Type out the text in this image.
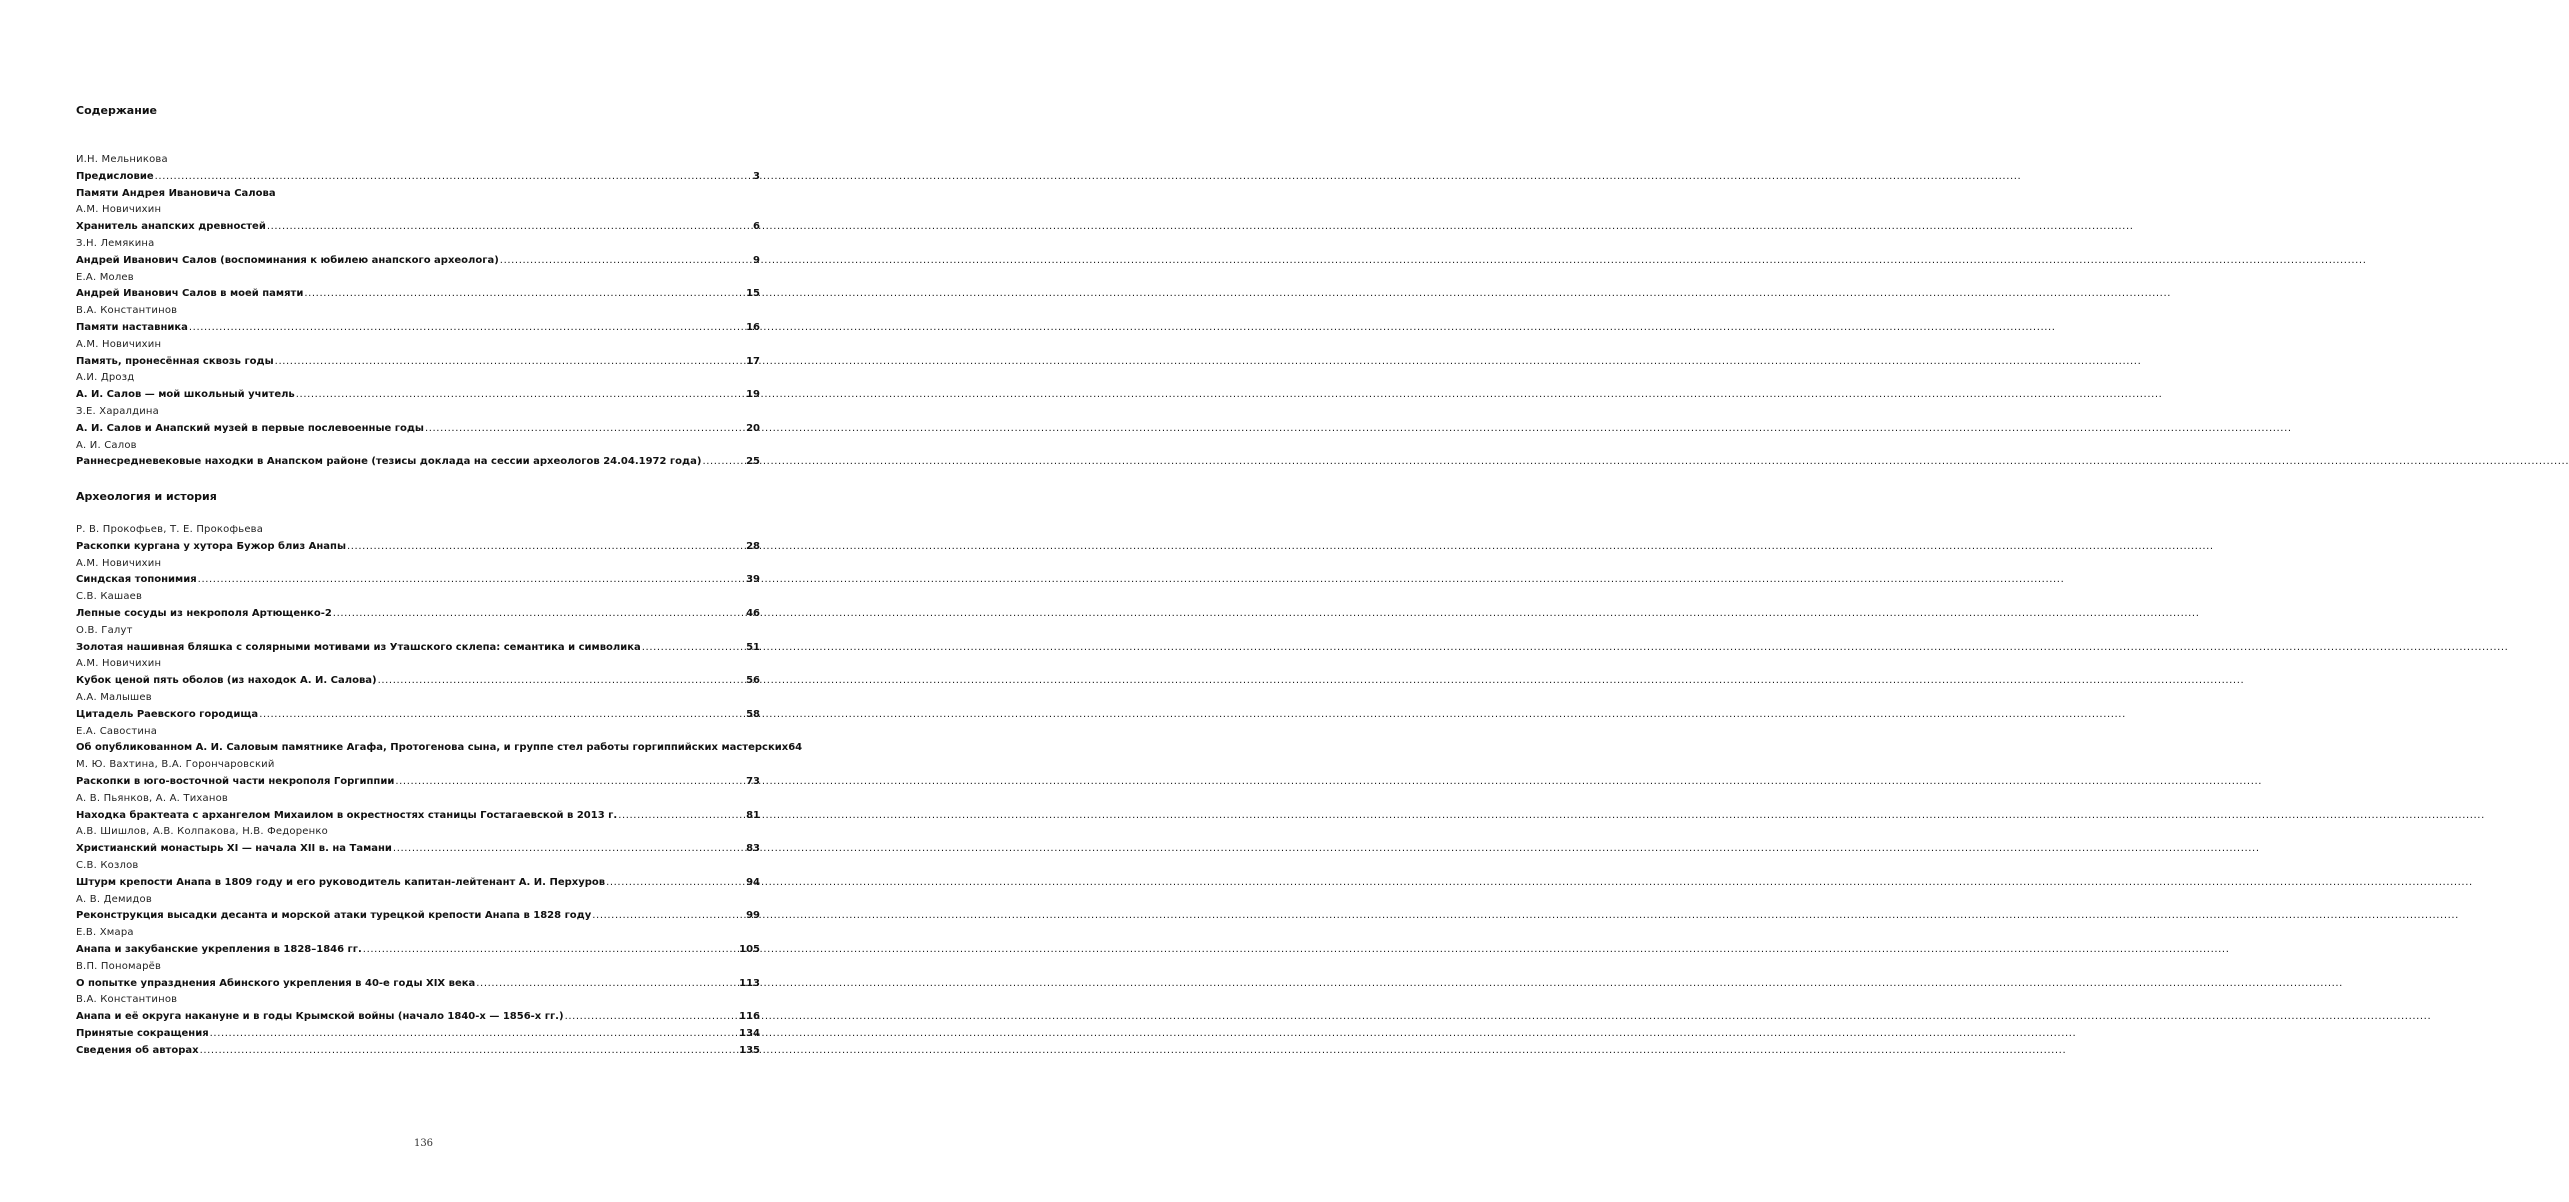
Содержание
И.Н. Мельникова
Предисловие .....	3
Памяти Андрея Ивановича Салова
А.М. Новичихин
Хранитель анапских древностей .....	6
З.Н. Лемякина
Андрей Иванович Салов (воспоминания к юбилею анапского археолога) .....	9
Е.А. Молев
Андрей Иванович Салов в моей памяти .....	15
В.А. Константинов
Памяти наставника .....	16
А.М. Новичихин
Память, пронесённая сквозь годы .....	17
А.И. Дрозд
А. И. Салов — мой школьный учитель .....	19
З.Е. Харалдина
А. И. Салов и Анапский музей в первые послевоенные годы .....	20
А. И. Салов
Раннесредневековые находки в Анапском районе (тезисы доклада на сессии археологов 24.04.1972 года) .....	25
Археология и история
Р. В. Прокофьев, Т. Е. Прокофьева
Раскопки кургана у хутора Бужор близ Анапы .....	28
А.М. Новичихин
Синдская топонимия .....	39
С.В. Кашаев
Лепные сосуды из некрополя Артющенко-2 .....	46
О.В. Галут
Золотая нашивная бляшка с солярными мотивами из Уташского склепа: семантика и символика .....	51
А.М. Новичихин
Кубок ценой пять оболов (из находок А. И. Салова) .....	56
А.А. Малышев
Цитадель Раевского городища .....	58
Е.А. Савостина
Об опубликованном А. И. Саловым памятнике Агафа, Протогенова сына, и группе стел работы горгиппийских мастерских 64
М. Ю. Вахтина, В.А. Горончаровский
Раскопки в юго-восточной части некрополя Горгиппии .....	73
А. В. Пьянков, А. А. Тиханов
Находка брактеата с архангелом Михаилом в окрестностях станицы Гостагаевской в 2013 г. .....	81
А.В. Шишлов, А.В. Колпакова, Н.В. Федоренко
Христианский монастырь XI — начала XII в. на Тамани .....	83
С.В. Козлов
Штурм крепости Анапа в 1809 году и его руководитель капитан-лейтенант А. И. Перхуров .....	94
А. В. Демидов
Реконструкция высадки десанта и морской атаки турецкой крепости Анапа в 1828 году .....	99
Е.В. Хмара
Анапа и закубанские укрепления в 1828–1846 гг. .....	105
В.П. Пономарёв
О попытке упразднения Абинского укрепления в 40-е годы XIX века .....	113
В.А. Константинов
Анапа и её округа накануне и в годы Крымской войны (начало 1840-х — 1856-х гг.) .....	116
Принятые сокращения .....	134
Сведения об авторах .....	135
136
